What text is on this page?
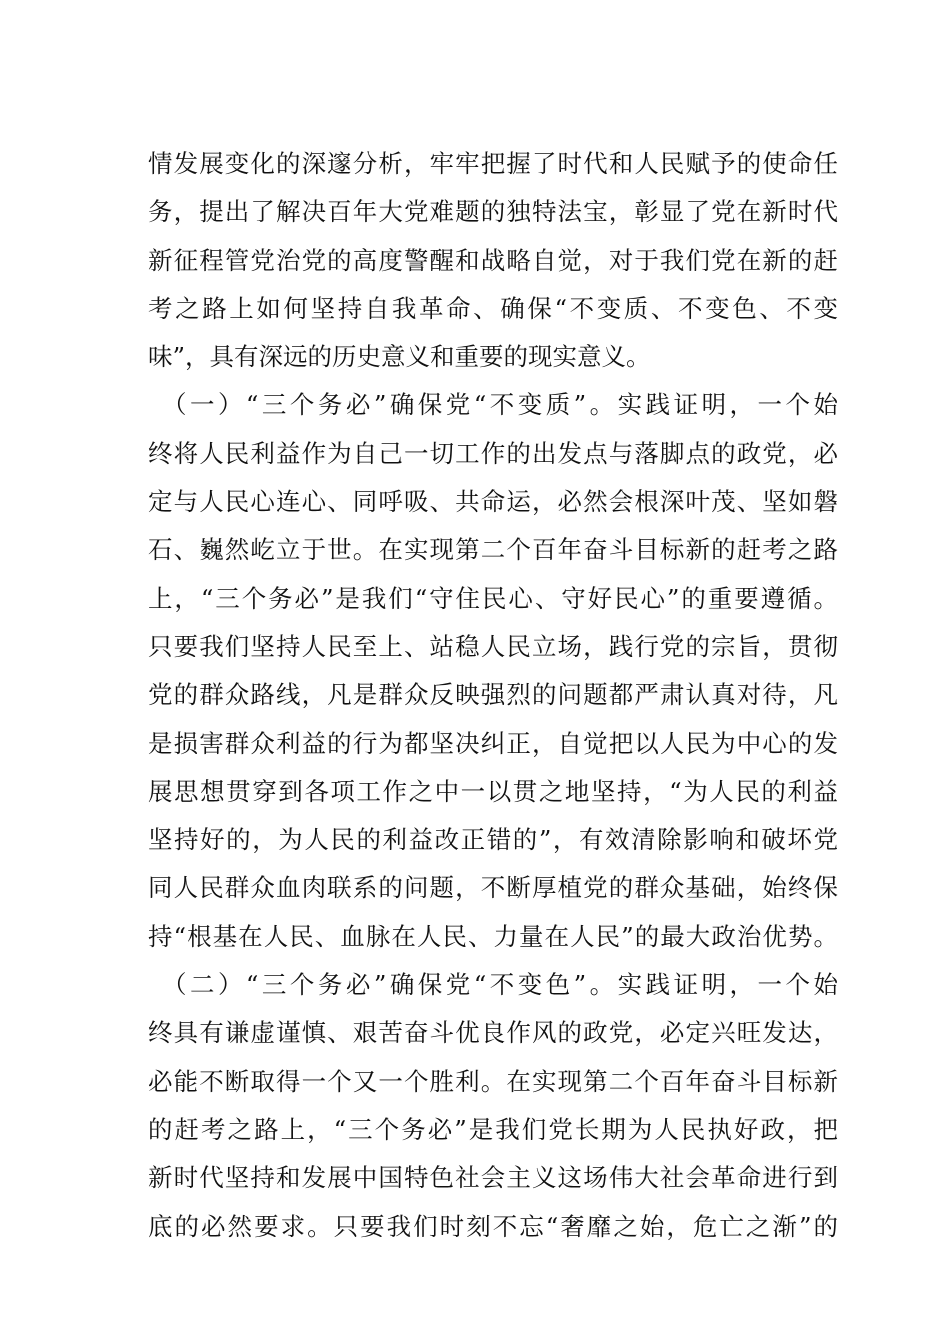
情发展变化的深邃分析，牢牢把握了时代和人民赋予的使命任
务，提出了解决百年大党难题的独特法宝，彰显了党在新时代
新征程管党治党的高度警醒和战略自觉，对于我们党在新的赶
考之路上如何坚持自我革命、确保“不变质、不变色、不变
味”，具有深远的历史意义和重要的现实意义。
（一）“三个务必”确保党“不变质”。实践证明，一个始
终将人民利益作为自己一切工作的出发点与落脚点的政党，必
定与人民心连心、同呼吸、共命运，必然会根深叶茂、坚如磐
石、巍然屹立于世。在实现第二个百年奋斗目标新的赶考之路
上，“三个务必”是我们“守住民心、守好民心”的重要遵循。
只要我们坚持人民至上、站稳人民立场，践行党的宗旨，贯彻
党的群众路线，凡是群众反映强烈的问题都严肃认真对待，凡
是损害群众利益的行为都坚决纠正，自觉把以人民为中心的发
展思想贯穿到各项工作之中一以贯之地坚持，“为人民的利益
坚持好的，为人民的利益改正错的”，有效清除影响和破坏党
同人民群众血肉联系的问题，不断厚植党的群众基础，始终保
持“根基在人民、血脉在人民、力量在人民”的最大政治优势。
（二）“三个务必”确保党“不变色”。实践证明，一个始
终具有谦虚谨慎、艰苦奋斗优良作风的政党，必定兴旺发达，
必能不断取得一个又一个胜利。在实现第二个百年奋斗目标新
的赶考之路上，“三个务必”是我们党长期为人民执好政，把
新时代坚持和发展中国特色社会主义这场伟大社会革命进行到
底的必然要求。只要我们时刻不忘“奢靡之始，危亡之渐”的
